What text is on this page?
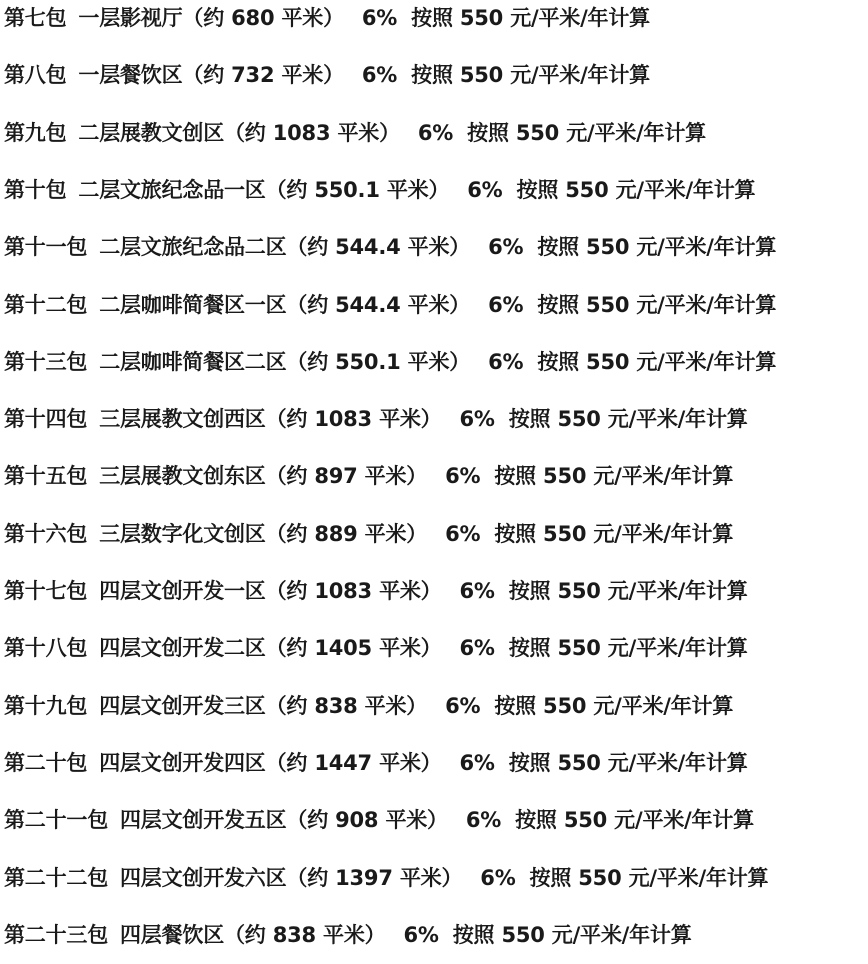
第七包 一层影视厅（约 680 平米） 6% 按照 550 元/平米/年计算
第八包 一层餐饮区（约 732 平米） 6% 按照 550 元/平米/年计算
第九包 二层展教文创区（约 1083 平米） 6% 按照 550 元/平米/年计算
第十包 二层文旅纪念品一区（约 550.1 平米） 6% 按照 550 元/平米/年计算
第十一包 二层文旅纪念品二区（约 544.4 平米） 6% 按照 550 元/平米/年计算
第十二包 二层咖啡简餐区一区（约 544.4 平米） 6% 按照 550 元/平米/年计算
第十三包 二层咖啡简餐区二区（约 550.1 平米） 6% 按照 550 元/平米/年计算
第十四包 三层展教文创西区（约 1083 平米） 6% 按照 550 元/平米/年计算
第十五包 三层展教文创东区（约 897 平米） 6% 按照 550 元/平米/年计算
第十六包 三层数字化文创区（约 889 平米） 6% 按照 550 元/平米/年计算
第十七包 四层文创开发一区（约 1083 平米） 6% 按照 550 元/平米/年计算
第十八包 四层文创开发二区（约 1405 平米） 6% 按照 550 元/平米/年计算
第十九包 四层文创开发三区（约 838 平米） 6% 按照 550 元/平米/年计算
第二十包 四层文创开发四区（约 1447 平米） 6% 按照 550 元/平米/年计算
第二十一包 四层文创开发五区（约 908 平米） 6% 按照 550 元/平米/年计算
第二十二包 四层文创开发六区（约 1397 平米） 6% 按照 550 元/平米/年计算
第二十三包 四层餐饮区（约 838 平米） 6% 按照 550 元/平米/年计算
